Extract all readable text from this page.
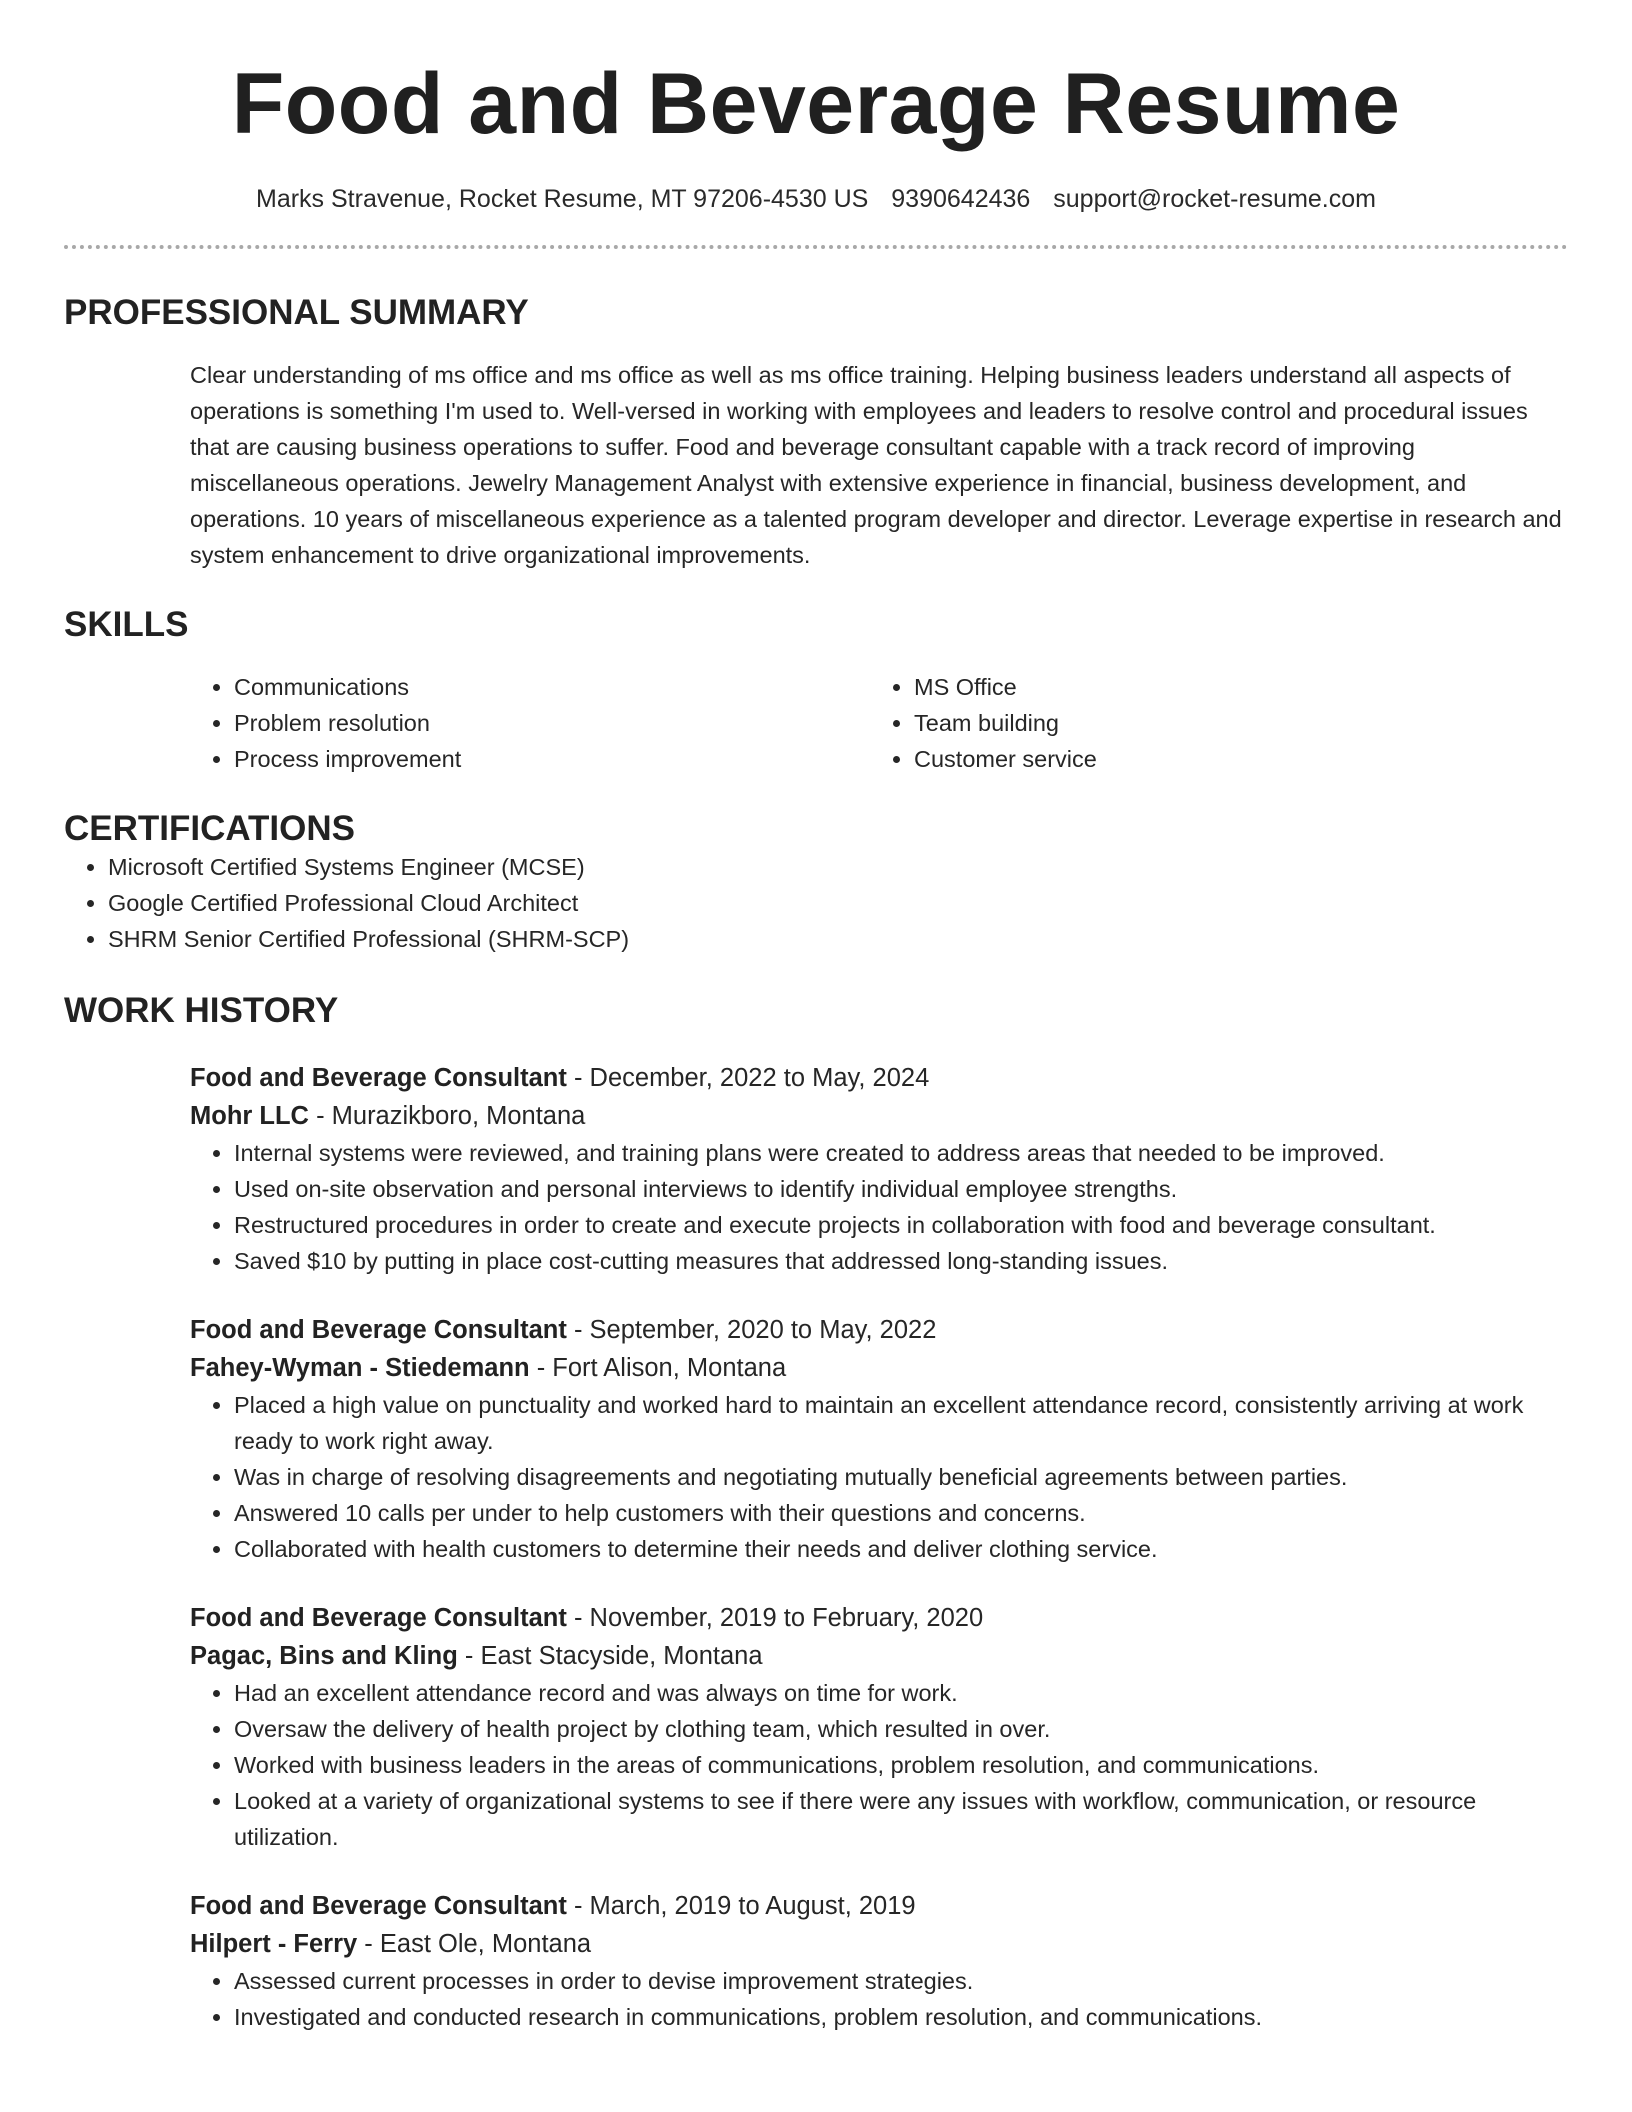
Food and Beverage Resume
Marks Stravenue, Rocket Resume, MT 97206-4530 US 9390642436 support@rocket-resume.com
PROFESSIONAL SUMMARY

Clear understanding of ms office and ms office as well as ms office training. Helping business leaders understand all aspects of operations is something I'm used to. Well-versed in working with employees and leaders to resolve control and procedural issues that are causing business operations to suffer. Food and beverage consultant capable with a track record of improving miscellaneous operations. Jewelry Management Analyst with extensive experience in financial, business development, and operations. 10 years of miscellaneous experience as a talented program developer and director. Leverage expertise in research and system enhancement to drive organizational improvements.

SKILLS
• Communications
• Problem resolution
• Process improvement
• MS Office
• Team building
• Customer service
CERTIFICATIONS
• Microsoft Certified Systems Engineer (MCSE)
• Google Certified Professional Cloud Architect
• SHRM Senior Certified Professional (SHRM-SCP)
WORK HISTORY
Food and Beverage Consultant - December, 2022 to May, 2024
Mohr LLC - Murazikboro, Montana
• Internal systems were reviewed, and training plans were created to address areas that needed to be improved.
• Used on-site observation and personal interviews to identify individual employee strengths.
• Restructured procedures in order to create and execute projects in collaboration with food and beverage consultant.
• Saved $10 by putting in place cost-cutting measures that addressed long-standing issues.
Food and Beverage Consultant - September, 2020 to May, 2022
Fahey-Wyman - Stiedemann - Fort Alison, Montana
• Placed a high value on punctuality and worked hard to maintain an excellent attendance record, consistently arriving at work ready to work right away.
• Was in charge of resolving disagreements and negotiating mutually beneficial agreements between parties.
• Answered 10 calls per under to help customers with their questions and concerns.
• Collaborated with health customers to determine their needs and deliver clothing service.
Food and Beverage Consultant - November, 2019 to February, 2020
Pagac, Bins and Kling - East Stacyside, Montana
• Had an excellent attendance record and was always on time for work.
• Oversaw the delivery of health project by clothing team, which resulted in over.
• Worked with business leaders in the areas of communications, problem resolution, and communications.
• Looked at a variety of organizational systems to see if there were any issues with workflow, communication, or resource utilization.
Food and Beverage Consultant - March, 2019 to August, 2019
Hilpert - Ferry - East Ole, Montana
• Assessed current processes in order to devise improvement strategies.
• Investigated and conducted research in communications, problem resolution, and communications.
